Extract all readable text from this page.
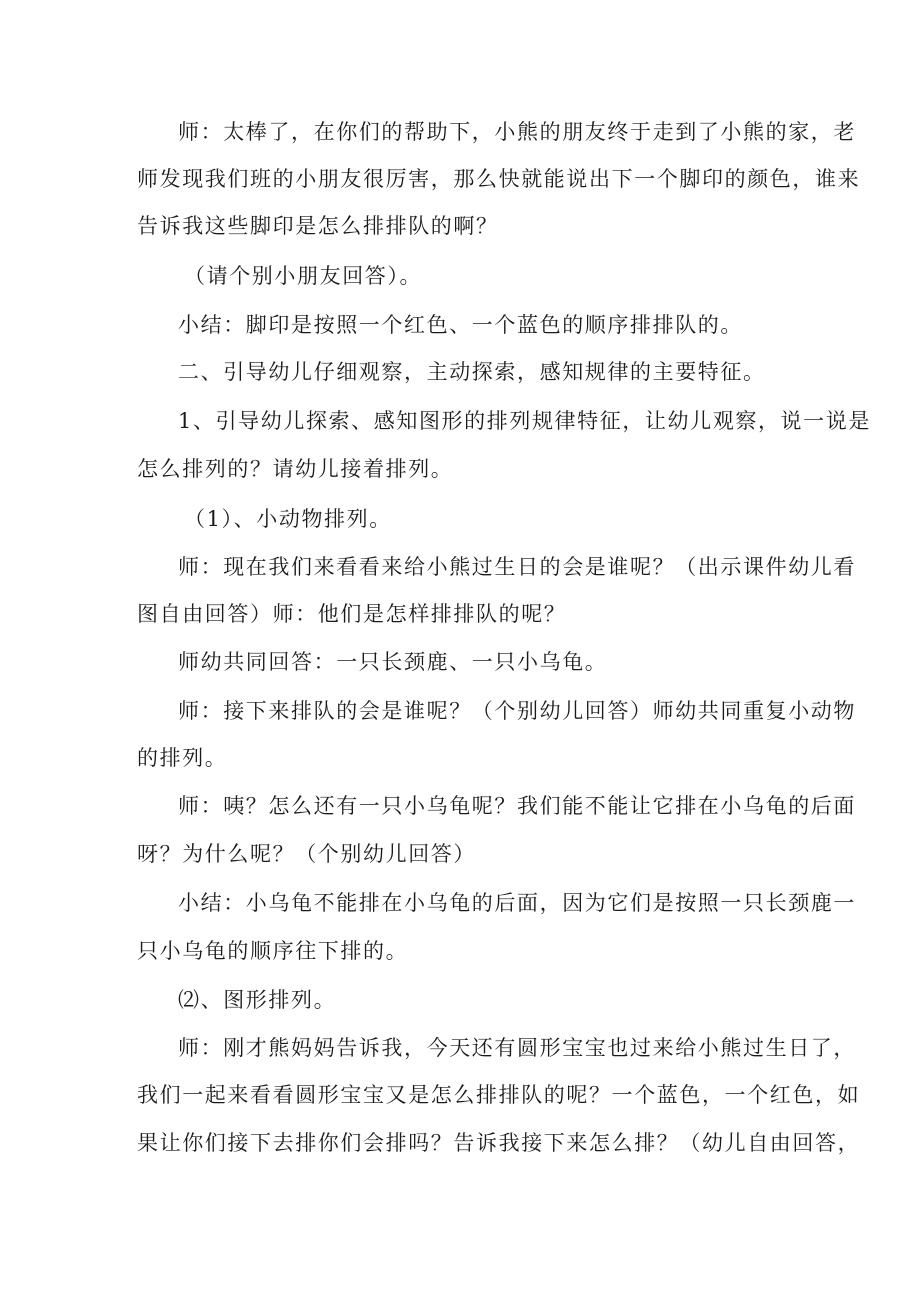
师：太棒了，在你们的帮助下，小熊的朋友终于走到了小熊的家，老
师发现我们班的小朋友很厉害，那么快就能说出下一个脚印的颜色，谁来
告诉我这些脚印是怎么排排队的啊？
（请个别小朋友回答）。
小结：脚印是按照一个红色、一个蓝色的顺序排排队的。
二、引导幼儿仔细观察，主动探索，感知规律的主要特征。
1、引导幼儿探索、感知图形的排列规律特征，让幼儿观察，说一说是
怎么排列的？请幼儿接着排列。
（1）、小动物排列。
师：现在我们来看看来给小熊过生日的会是谁呢？（出示课件幼儿看
图自由回答）师：他们是怎样排排队的呢？
师幼共同回答：一只长颈鹿、一只小乌龟。
师：接下来排队的会是谁呢？（个别幼儿回答）师幼共同重复小动物
的排列。
师：咦？怎么还有一只小乌龟呢？我们能不能让它排在小乌龟的后面
呀？为什么呢？（个别幼儿回答）
小结：小乌龟不能排在小乌龟的后面，因为它们是按照一只长颈鹿一
只小乌龟的顺序往下排的。
⑵、图形排列。
师：刚才熊妈妈告诉我，今天还有圆形宝宝也过来给小熊过生日了，
我们一起来看看圆形宝宝又是怎么排排队的呢？一个蓝色，一个红色，如
果让你们接下去排你们会排吗？告诉我接下来怎么排？（幼儿自由回答，
